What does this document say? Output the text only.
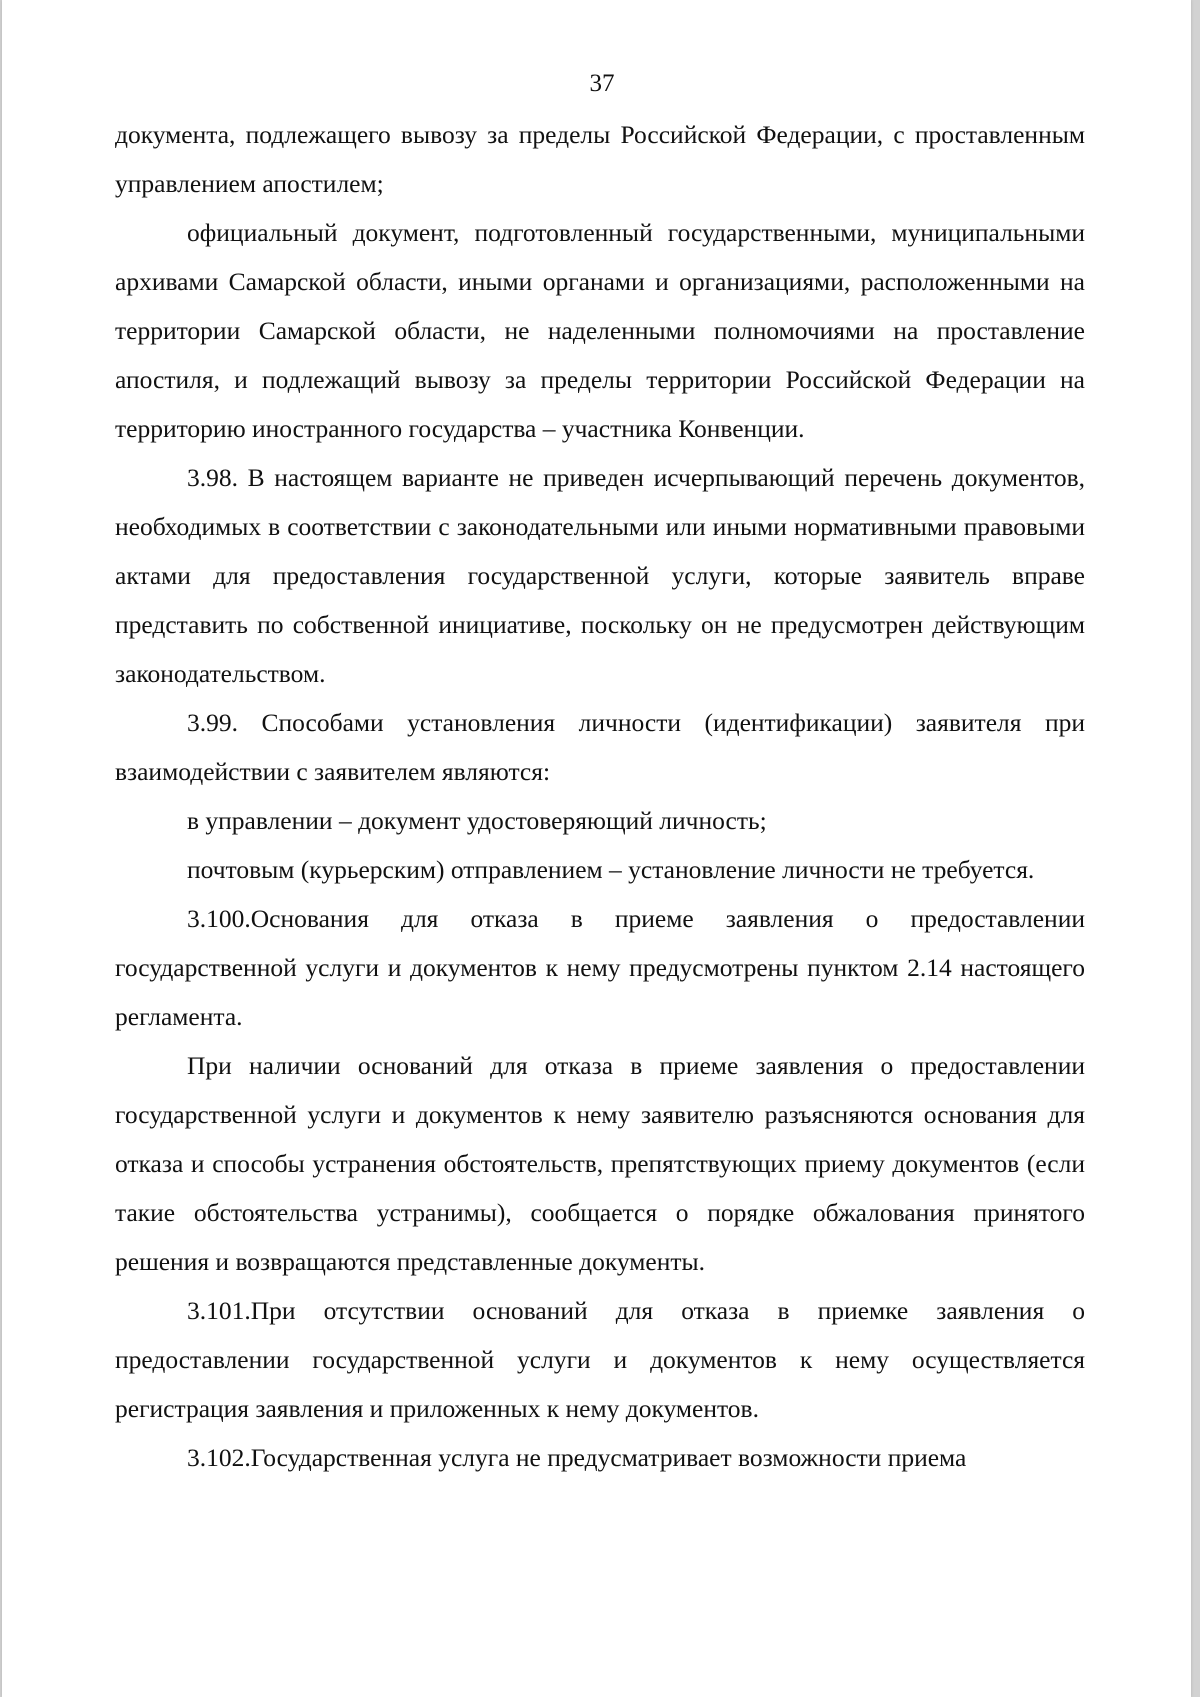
37

документа, подлежащего вывозу за пределы Российской Федерации, с проставленным управлением апостилем;

официальный документ, подготовленный государственными, муниципальными архивами Самарской области, иными органами и организациями, расположенными на территории Самарской области, не наделенными полномочиями на проставление апостиля, и подлежащий вывозу за пределы территории Российской Федерации на территорию иностранного государства – участника Конвенции.

3.98. В настоящем варианте не приведен исчерпывающий перечень документов, необходимых в соответствии с законодательными или иными нормативными правовыми актами для предоставления государственной услуги, которые заявитель вправе представить по собственной инициативе, поскольку он не предусмотрен действующим законодательством.

3.99. Способами установления личности (идентификации) заявителя при взаимодействии с заявителем являются:

в управлении – документ удостоверяющий личность;

почтовым (курьерским) отправлением – установление личности не требуется.

3.100.Основания для отказа в приеме заявления о предоставлении государственной услуги и документов к нему предусмотрены пунктом 2.14 настоящего регламента.

При наличии оснований для отказа в приеме заявления о предоставлении государственной услуги и документов к нему заявителю разъясняются основания для отказа и способы устранения обстоятельств, препятствующих приему документов (если такие обстоятельства устранимы), сообщается о порядке обжалования принятого решения и возвращаются представленные документы.

3.101.При отсутствии оснований для отказа в приемке заявления о предоставлении государственной услуги и документов к нему осуществляется регистрация заявления и приложенных к нему документов.

3.102.Государственная услуга не предусматривает возможности приема
